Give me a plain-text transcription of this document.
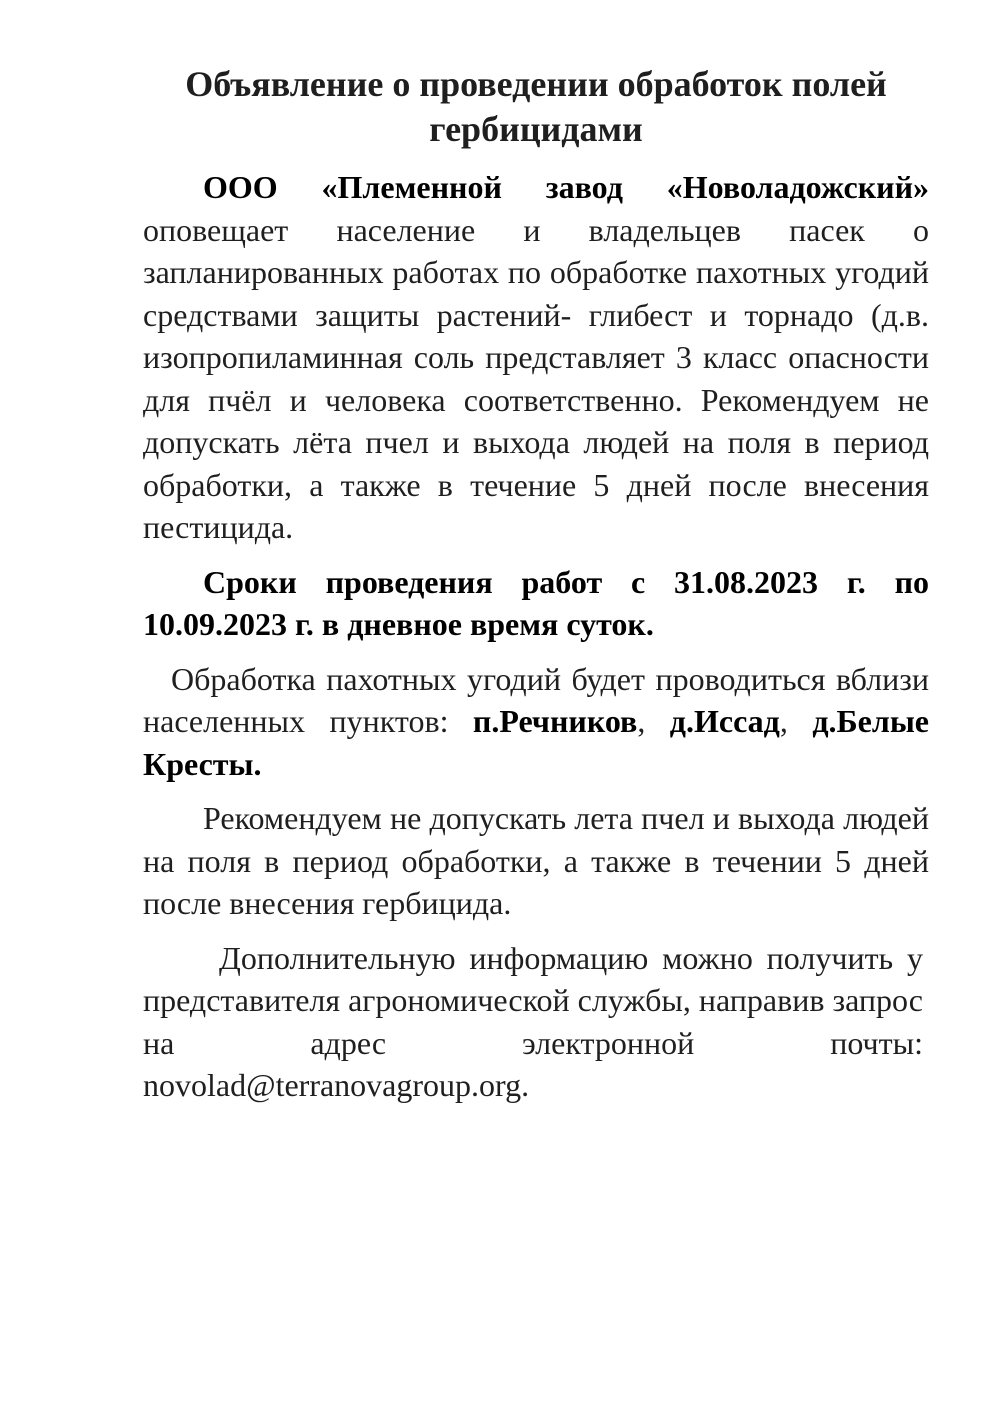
Объявление о проведении обработок полей гербицидами

ООО «Племенной завод «Новоладожский» оповещает население и владельцев пасек о запланированных работах по обработке пахотных угодий средствами защиты растений- глибест и торнадо (д.в. изопропиламинная соль представляет 3 класс опасности для пчёл и человека соответственно. Рекомендуем не допускать лёта пчел и выхода людей на поля в период обработки, а также в течение 5 дней после внесения пестицида.

Сроки проведения работ с 31.08.2023 г. по 10.09.2023 г. в дневное время суток.

Обработка пахотных угодий будет проводиться вблизи населенных пунктов: п.Речников, д.Иссад, д.Белые Кресты.

Рекомендуем не допускать лета пчел и выхода людей на поля в период обработки, а также в течении 5 дней после внесения гербицида.

Дополнительную информацию можно получить у представителя агрономической службы, направив запрос на адрес электронной почты: novolad@terranovagroup.org.
